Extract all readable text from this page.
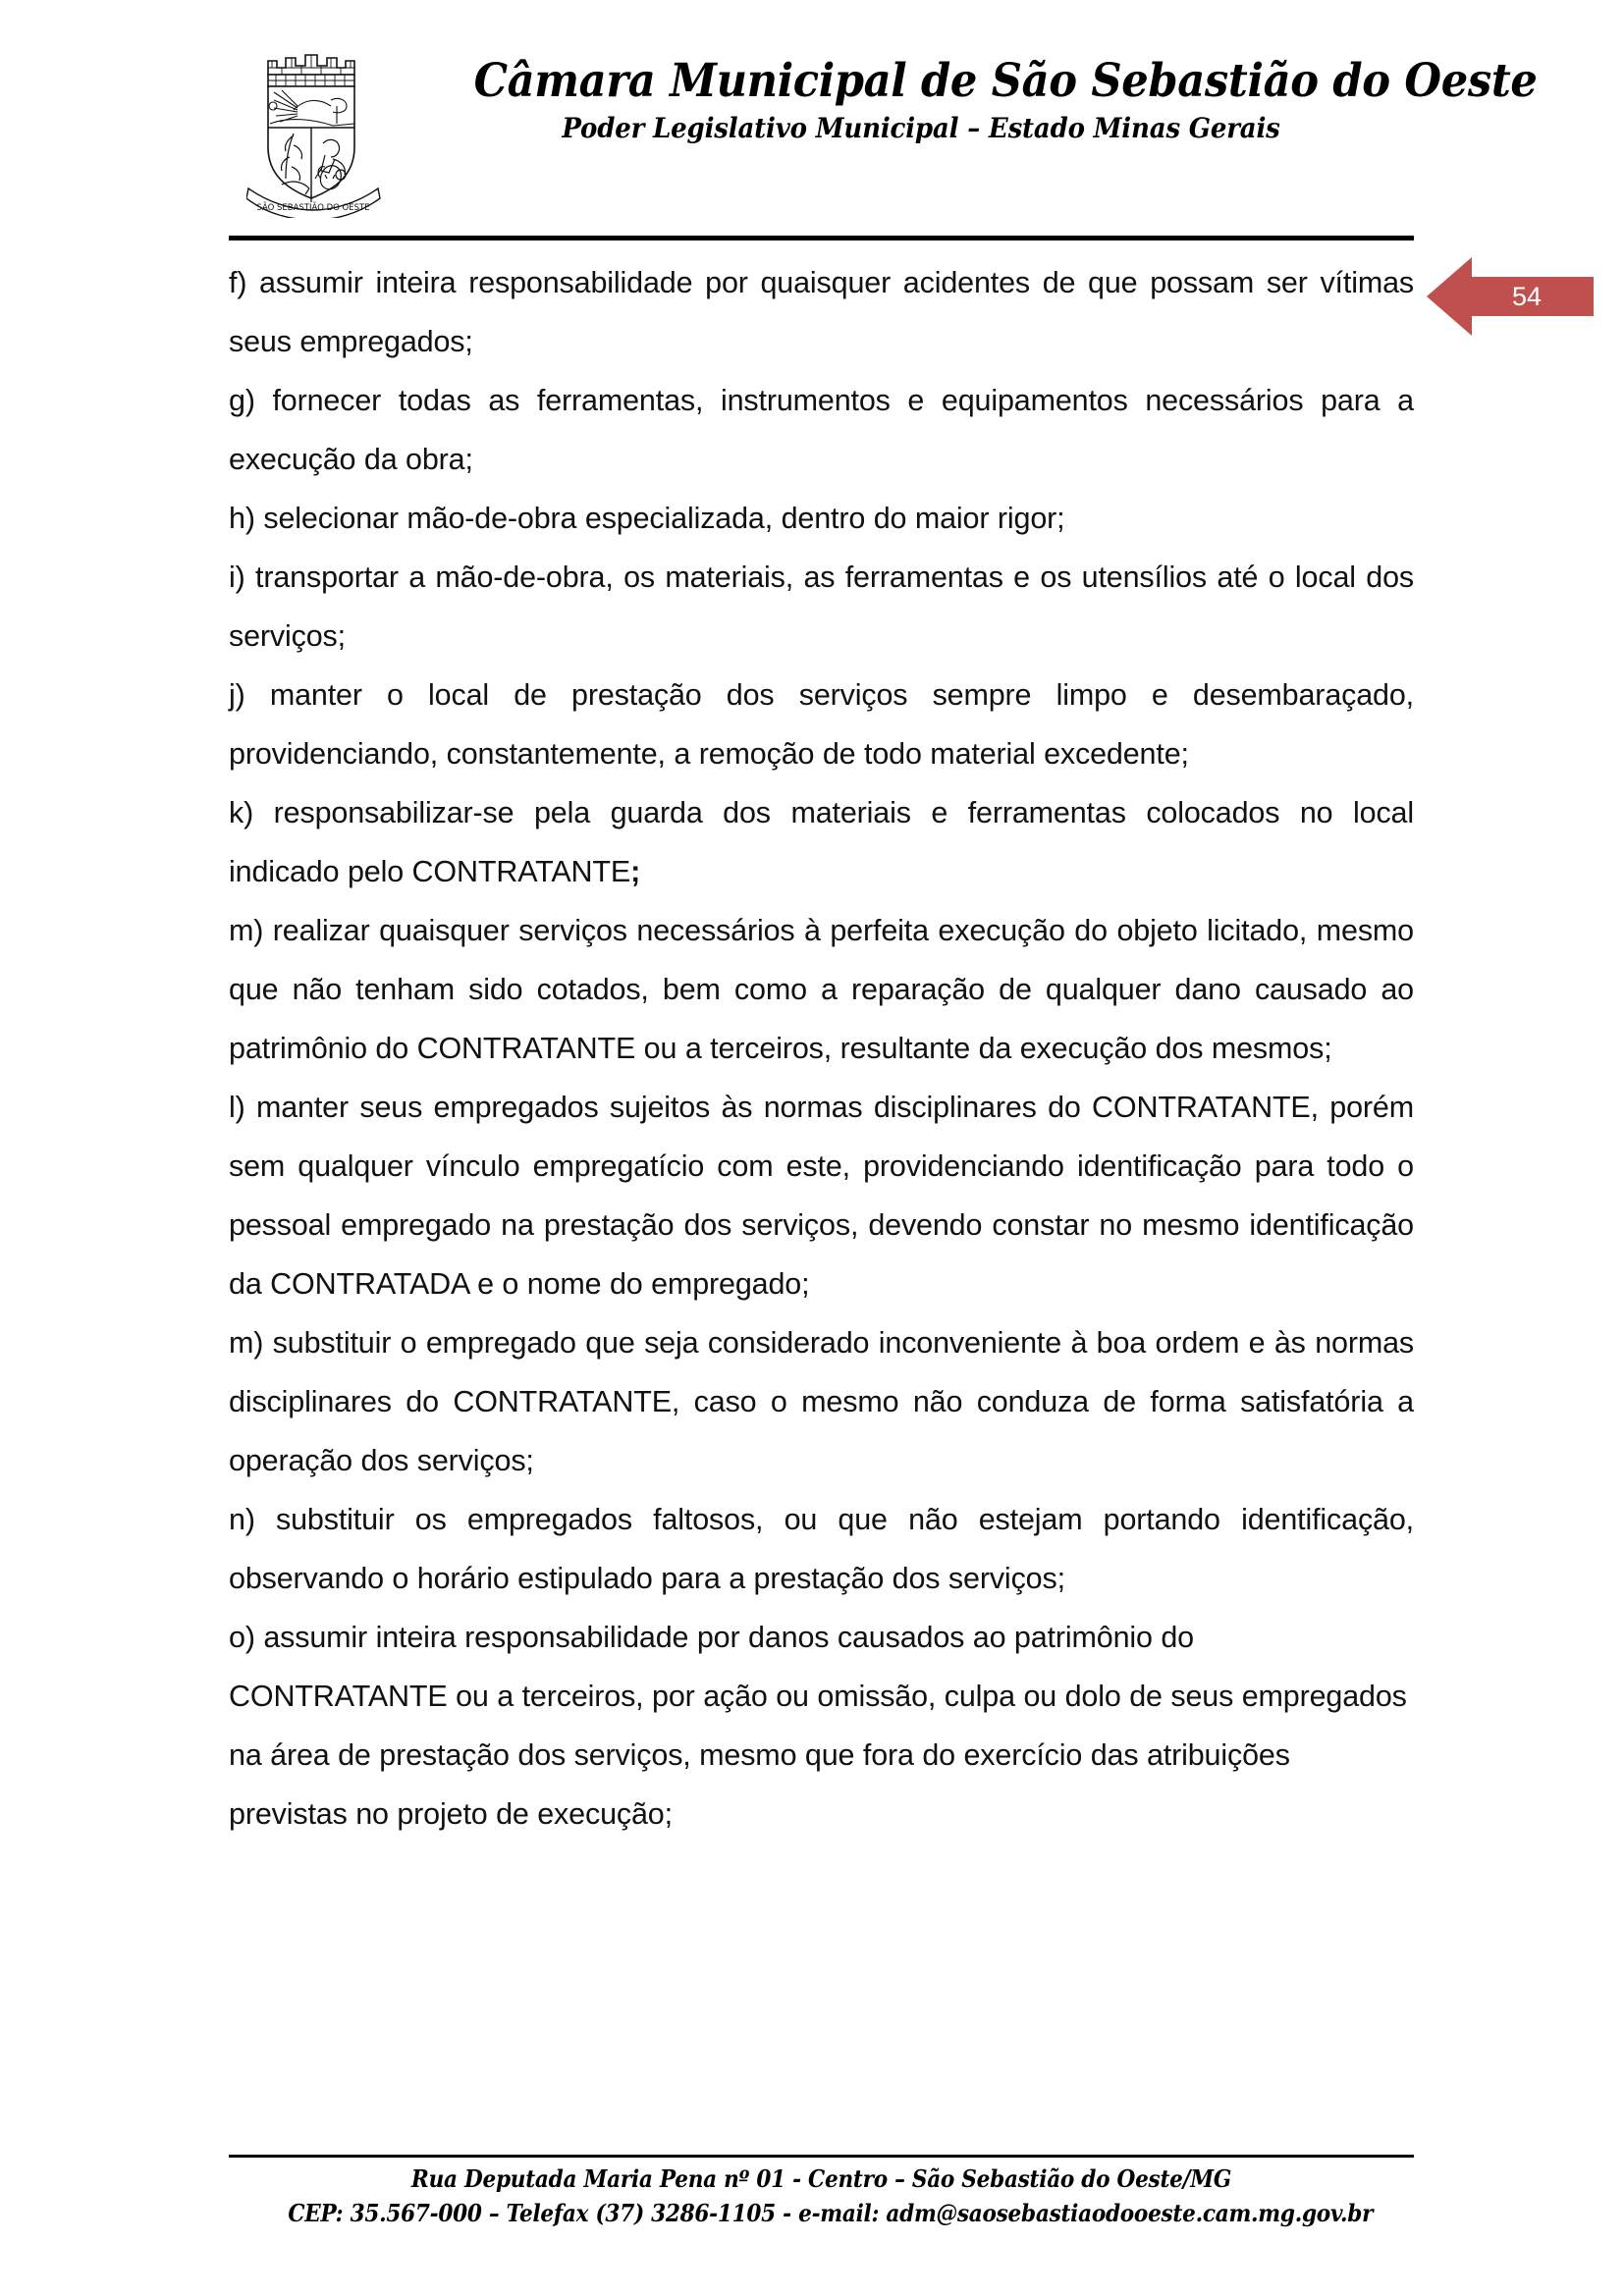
SÃO SEBASTIÃO DO OESTE
Câmara Municipal de São Sebastião do Oeste
Poder Legislativo Municipal – Estado Minas Gerais
54

f) assumir inteira responsabilidade por quaisquer acidentes de que possam ser vítimas seus empregados;

g) fornecer todas as ferramentas, instrumentos e equipamentos necessários para a execução da obra;

h) selecionar mão-de-obra especializada, dentro do maior rigor;

i) transportar a mão-de-obra, os materiais, as ferramentas e os utensílios até o local dos serviços;

j) manter o local de prestação dos serviços sempre limpo e desembaraçado, providenciando, constantemente, a remoção de todo material excedente;

k) responsabilizar-se pela guarda dos materiais e ferramentas colocados no local indicado pelo CONTRATANTE;

m) realizar quaisquer serviços necessários à perfeita execução do objeto licitado, mesmo que não tenham sido cotados, bem como a reparação de qualquer dano causado ao patrimônio do CONTRATANTE ou a terceiros, resultante da execução dos mesmos;

l) manter seus empregados sujeitos às normas disciplinares do CONTRATANTE, porém sem qualquer vínculo empregatício com este, providenciando identificação para todo o pessoal empregado na prestação dos serviços, devendo constar no mesmo identificação da CONTRATADA e o nome do empregado;

m) substituir o empregado que seja considerado inconveniente à boa ordem e às normas disciplinares do CONTRATANTE, caso o mesmo não conduza de forma satisfatória a operação dos serviços;

n) substituir os empregados faltosos, ou que não estejam portando identificação, observando o horário estipulado para a prestação dos serviços;

o) assumir inteira responsabilidade por danos causados ao patrimônio do CONTRATANTE ou a terceiros, por ação ou omissão, culpa ou dolo de seus empregados na área de prestação dos serviços, mesmo que fora do exercício das atribuições previstas no projeto de execução;

Rua Deputada Maria Pena nº 01 - Centro – São Sebastião do Oeste/MG
CEP: 35.567-000 – Telefax (37) 3286-1105 - e-mail: adm@saosebastiaodooeste.cam.mg.gov.br
